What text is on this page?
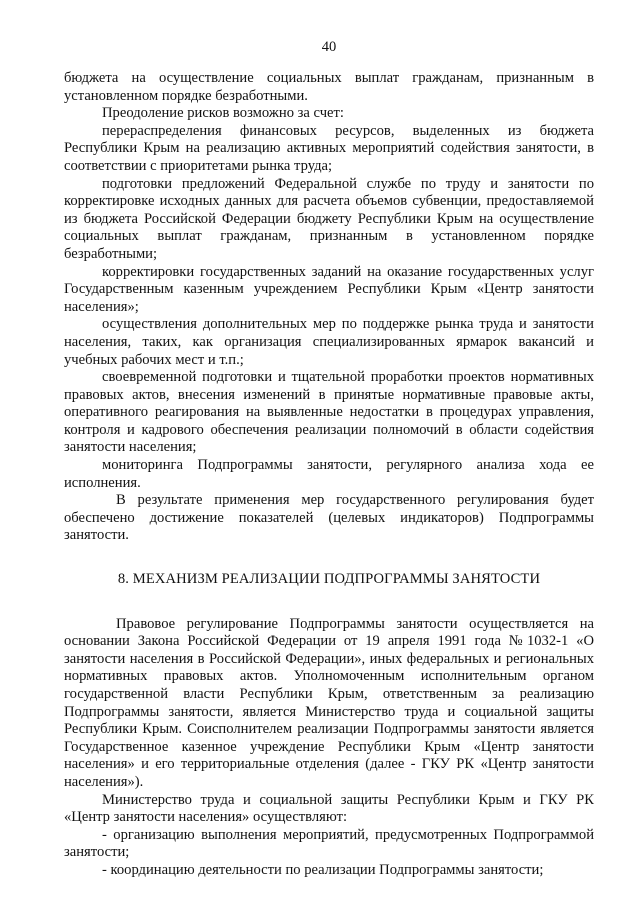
40

бюджета на осуществление социальных выплат гражданам, признанным в установленном порядке безработными.

Преодоление рисков возможно за счет:

перераспределения финансовых ресурсов, выделенных из бюджета Республики Крым на реализацию активных мероприятий содействия занятости, в соответствии с приоритетами рынка труда;

подготовки предложений Федеральной службе по труду и занятости по корректировке исходных данных для расчета объемов субвенции, предоставляемой из бюджета Российской Федерации бюджету Республики Крым на осуществление социальных выплат гражданам, признанным в установленном порядке безработными;

корректировки государственных заданий на оказание государственных услуг Государственным казенным учреждением Республики Крым «Центр занятости населения»;

осуществления дополнительных мер по поддержке рынка труда и занятости населения, таких, как организация специализированных ярмарок вакансий и учебных рабочих мест и т.п.;

своевременной подготовки и тщательной проработки проектов нормативных правовых актов, внесения изменений в принятые нормативные правовые акты, оперативного реагирования на выявленные недостатки в процедурах управления, контроля и кадрового обеспечения реализации полномочий в области содействия занятости населения;

мониторинга Подпрограммы занятости, регулярного анализа хода ее исполнения.

В результате применения мер государственного регулирования будет обеспечено достижение показателей (целевых индикаторов) Подпрограммы занятости.

8. МЕХАНИЗМ РЕАЛИЗАЦИИ ПОДПРОГРАММЫ ЗАНЯТОСТИ

Правовое регулирование Подпрограммы занятости осуществляется на основании Закона Российской Федерации от 19 апреля 1991 года №1032-1 «О занятости населения в Российской Федерации», иных федеральных и региональных нормативных правовых актов. Уполномоченным исполнительным органом государственной власти Республики Крым, ответственным за реализацию Подпрограммы занятости, является Министерство труда и социальной защиты Республики Крым. Соисполнителем реализации Подпрограммы занятости является Государственное казенное учреждение Республики Крым «Центр занятости населения» и его территориальные отделения (далее - ГКУ РК «Центр занятости населения»).

Министерство труда и социальной защиты Республики Крым и ГКУ РК «Центр занятости населения» осуществляют:

- организацию выполнения мероприятий, предусмотренных Подпрограммой занятости;

- координацию деятельности по реализации Подпрограммы занятости;
